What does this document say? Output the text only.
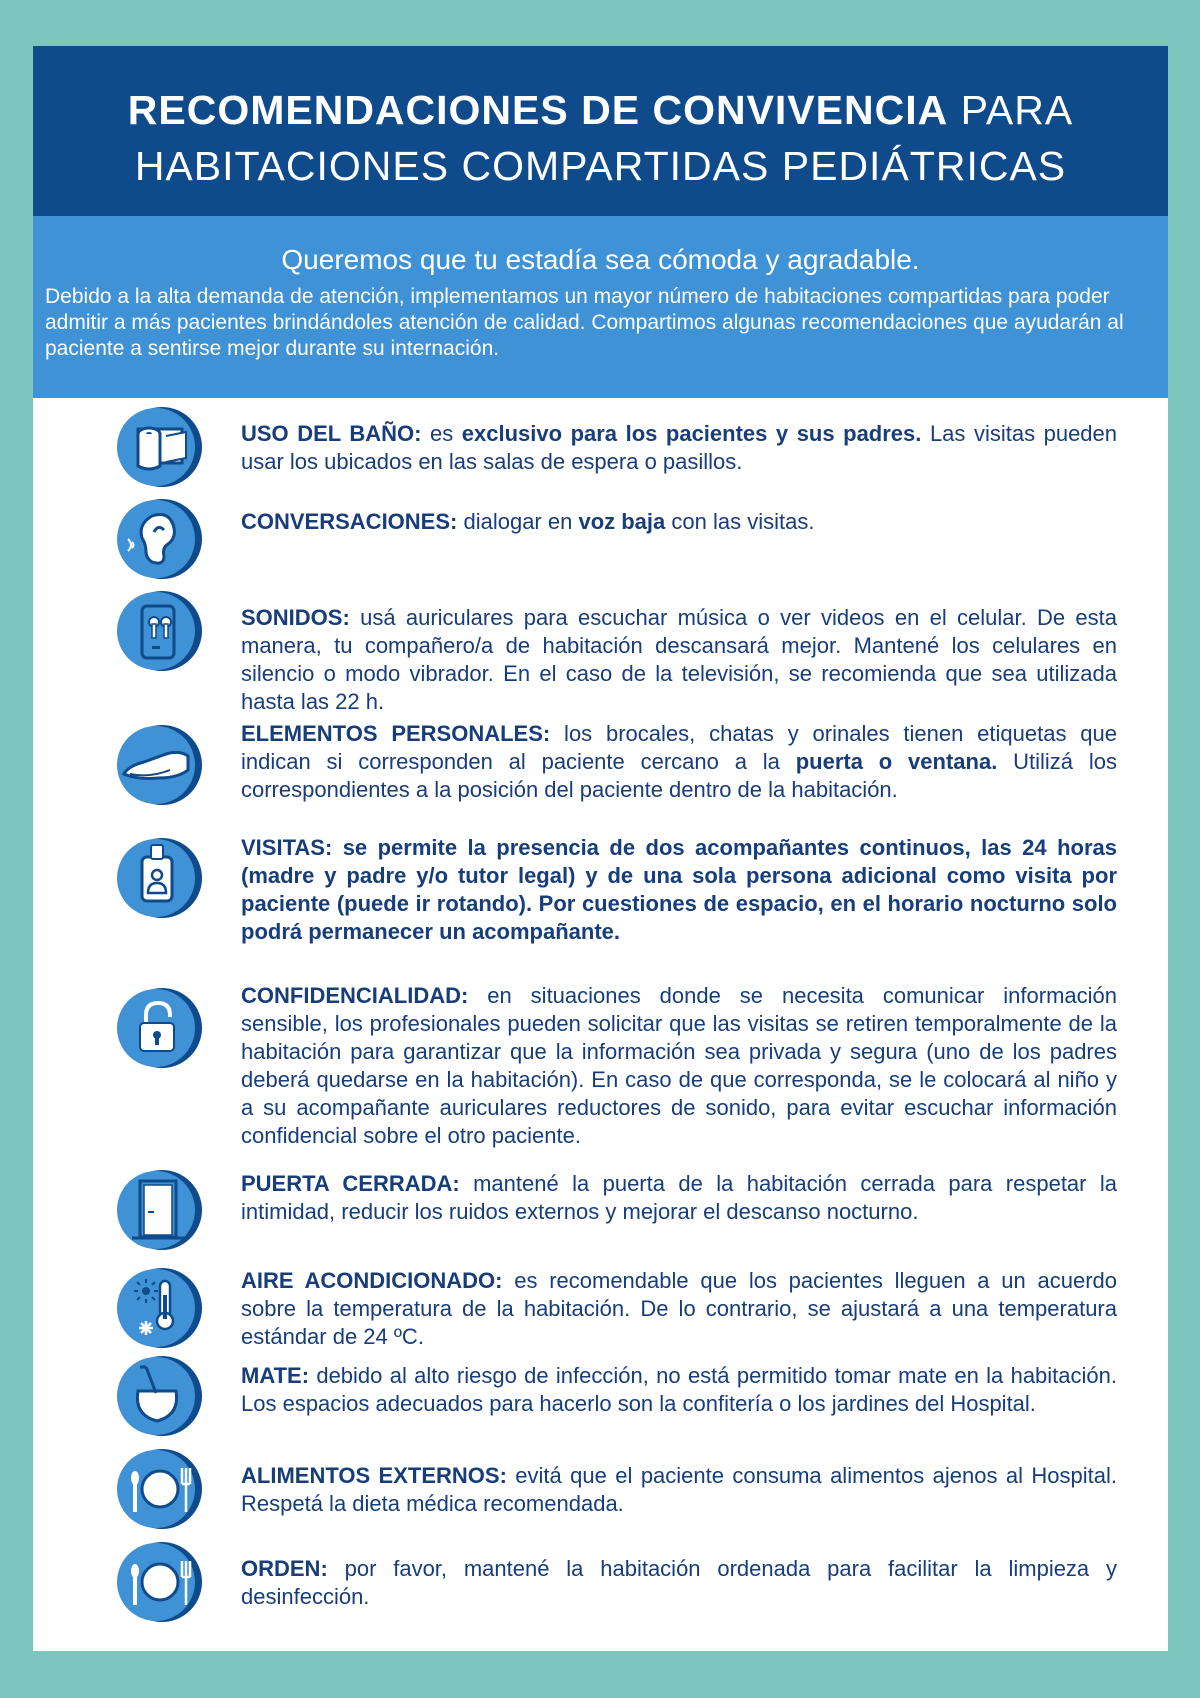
RECOMENDACIONES DE CONVIVENCIA PARA
HABITACIONES COMPARTIDAS PEDIÁTRICAS
Queremos que tu estadía sea cómoda y agradable.
Debido a la alta demanda de atención, implementamos un mayor número de habitaciones compartidas para poder admitir a más pacientes brindándoles atención de calidad. Compartimos algunas recomendaciones que ayudarán al paciente a sentirse mejor durante su internación.
USO DEL BAÑO: es exclusivo para los pacientes y sus padres. Las visitas pueden usar los ubicados en las salas de espera o pasillos.
CONVERSACIONES: dialogar en voz baja con las visitas.
SONIDOS: usá auriculares para escuchar música o ver videos en el celular. De esta manera, tu compañero/a de habitación descansará mejor. Mantené los celulares en silencio o modo vibrador. En el caso de la televisión, se recomienda que sea utilizada hasta las 22 h.
ELEMENTOS PERSONALES: los brocales, chatas y orinales tienen etiquetas que indican si corresponden al paciente cercano a la puerta o ventana. Utilizá los correspondientes a la posición del paciente dentro de la habitación.
VISITAS: se permite la presencia de dos acompañantes continuos, las 24 horas (madre y padre y/o tutor legal) y de una sola persona adicional como visita por paciente (puede ir rotando). Por cuestiones de espacio, en el horario nocturno solo podrá permanecer un acompañante.
CONFIDENCIALIDAD: en situaciones donde se necesita comunicar información sensible, los profesionales pueden solicitar que las visitas se retiren temporalmente de la habitación para garantizar que la información sea privada y segura (uno de los padres deberá quedarse en la habitación). En caso de que corresponda, se le colocará al niño y a su acompañante auriculares reductores de sonido, para evitar escuchar información confidencial sobre el otro paciente.
PUERTA CERRADA: mantené la puerta de la habitación cerrada para respetar la intimidad, reducir los ruidos externos y mejorar el descanso nocturno.
AIRE ACONDICIONADO: es recomendable que los pacientes lleguen a un acuerdo sobre la temperatura de la habitación. De lo contrario, se ajustará a una temperatura estándar de 24 ºC.
MATE: debido al alto riesgo de infección, no está permitido tomar mate en la habitación. Los espacios adecuados para hacerlo son la confitería o los jardines del Hospital.
ALIMENTOS EXTERNOS: evitá que el paciente consuma alimentos ajenos al Hospital. Respetá la dieta médica recomendada.
ORDEN: por favor, mantené la habitación ordenada para facilitar la limpieza y desinfección.
